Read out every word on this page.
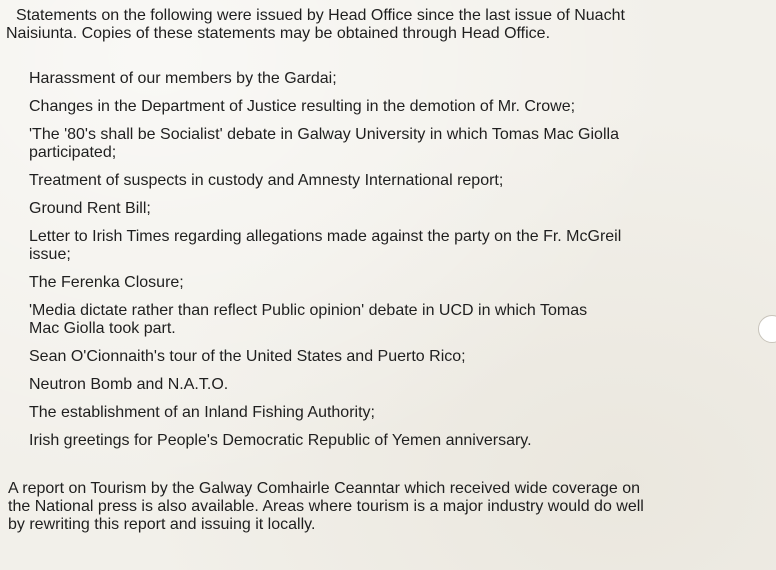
Statements on the following were issued by Head Office since the last issue of Nuacht
Naisiunta. Copies of these statements may be obtained through Head Office.
Harassment of our members by the Gardai;
Changes in the Department of Justice resulting in the demotion of Mr. Crowe;
'The '80's shall be Socialist' debate in Galway University in which Tomas Mac Giolla
participated;
Treatment of suspects in custody and Amnesty International report;
Ground Rent Bill;
Letter to Irish Times regarding allegations made against the party on the Fr. McGreil
issue;
The Ferenka Closure;
'Media dictate rather than reflect Public opinion' debate in UCD in which Tomas
Mac Giolla took part.
Sean O'Cionnaith's tour of the United States and Puerto Rico;
Neutron Bomb and N.A.T.O.
The establishment of an Inland Fishing Authority;
Irish greetings for People's Democratic Republic of Yemen anniversary.
A report on Tourism by the Galway Comhairle Ceanntar which received wide coverage on
the National press is also available. Areas where tourism is a major industry would do well
by rewriting this report and issuing it locally.
